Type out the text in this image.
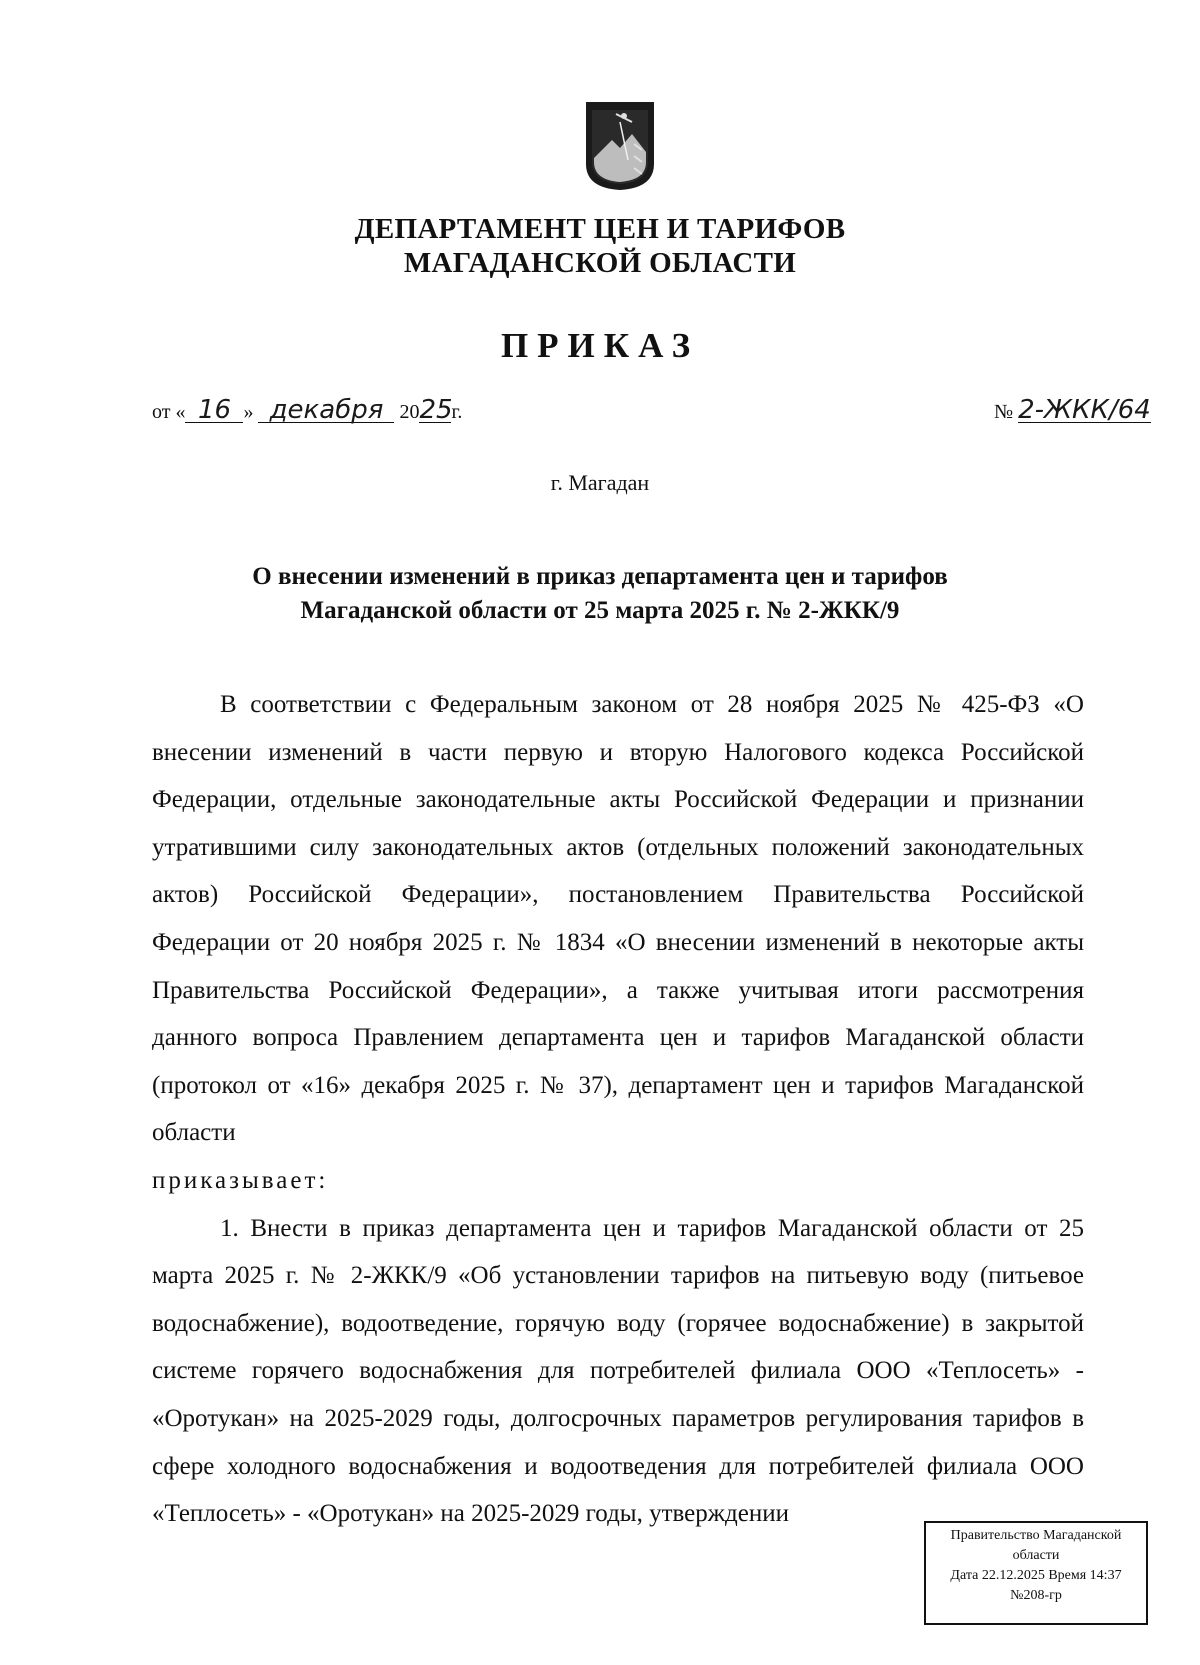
ДЕПАРТАМЕНТ ЦЕН И ТАРИФОВ
МАГАДАНСКОЙ ОБЛАСТИ
ПРИКАЗ
от « 16 » декабря 2025г.	№ 2-ЖКК/64
г. Магадан
О внесении изменений в приказ департамента цен и тарифов
Магаданской области от 25 марта 2025 г. № 2-ЖКК/9

В соответствии с Федеральным законом от 28 ноября 2025 № 425-ФЗ «О внесении изменений в части первую и вторую Налогового кодекса Российской Федерации, отдельные законодательные акты Российской Федерации и признании утратившими силу законодательных актов (отдельных положений законодательных актов) Российской Федерации», постановлением Правительства Российской Федерации от 20 ноября 2025 г. № 1834 «О внесении изменений в некоторые акты Правительства Российской Федерации», а также учитывая итоги рассмотрения данного вопроса Правлением департамента цен и тарифов Магаданской области (протокол от «16» декабря 2025 г. № 37), департамент цен и тарифов Магаданской области

приказывает:

1. Внести в приказ департамента цен и тарифов Магаданской области от 25 марта 2025 г. № 2-ЖКК/9 «Об установлении тарифов на питьевую воду (питьевое водоснабжение), водоотведение, горячую воду (горячее водоснабжение) в закрытой системе горячего водоснабжения для потребителей филиала ООО «Теплосеть» - «Оротукан» на 2025-2029 годы, долгосрочных параметров регулирования тарифов в сфере холодного водоснабжения и водоотведения для потребителей филиала ООО «Теплосеть» - «Оротукан» на 2025-2029 годы, утверждении

Правительство Магаданской
области
Дата 22.12.2025 Время 14:37
№208-гр
